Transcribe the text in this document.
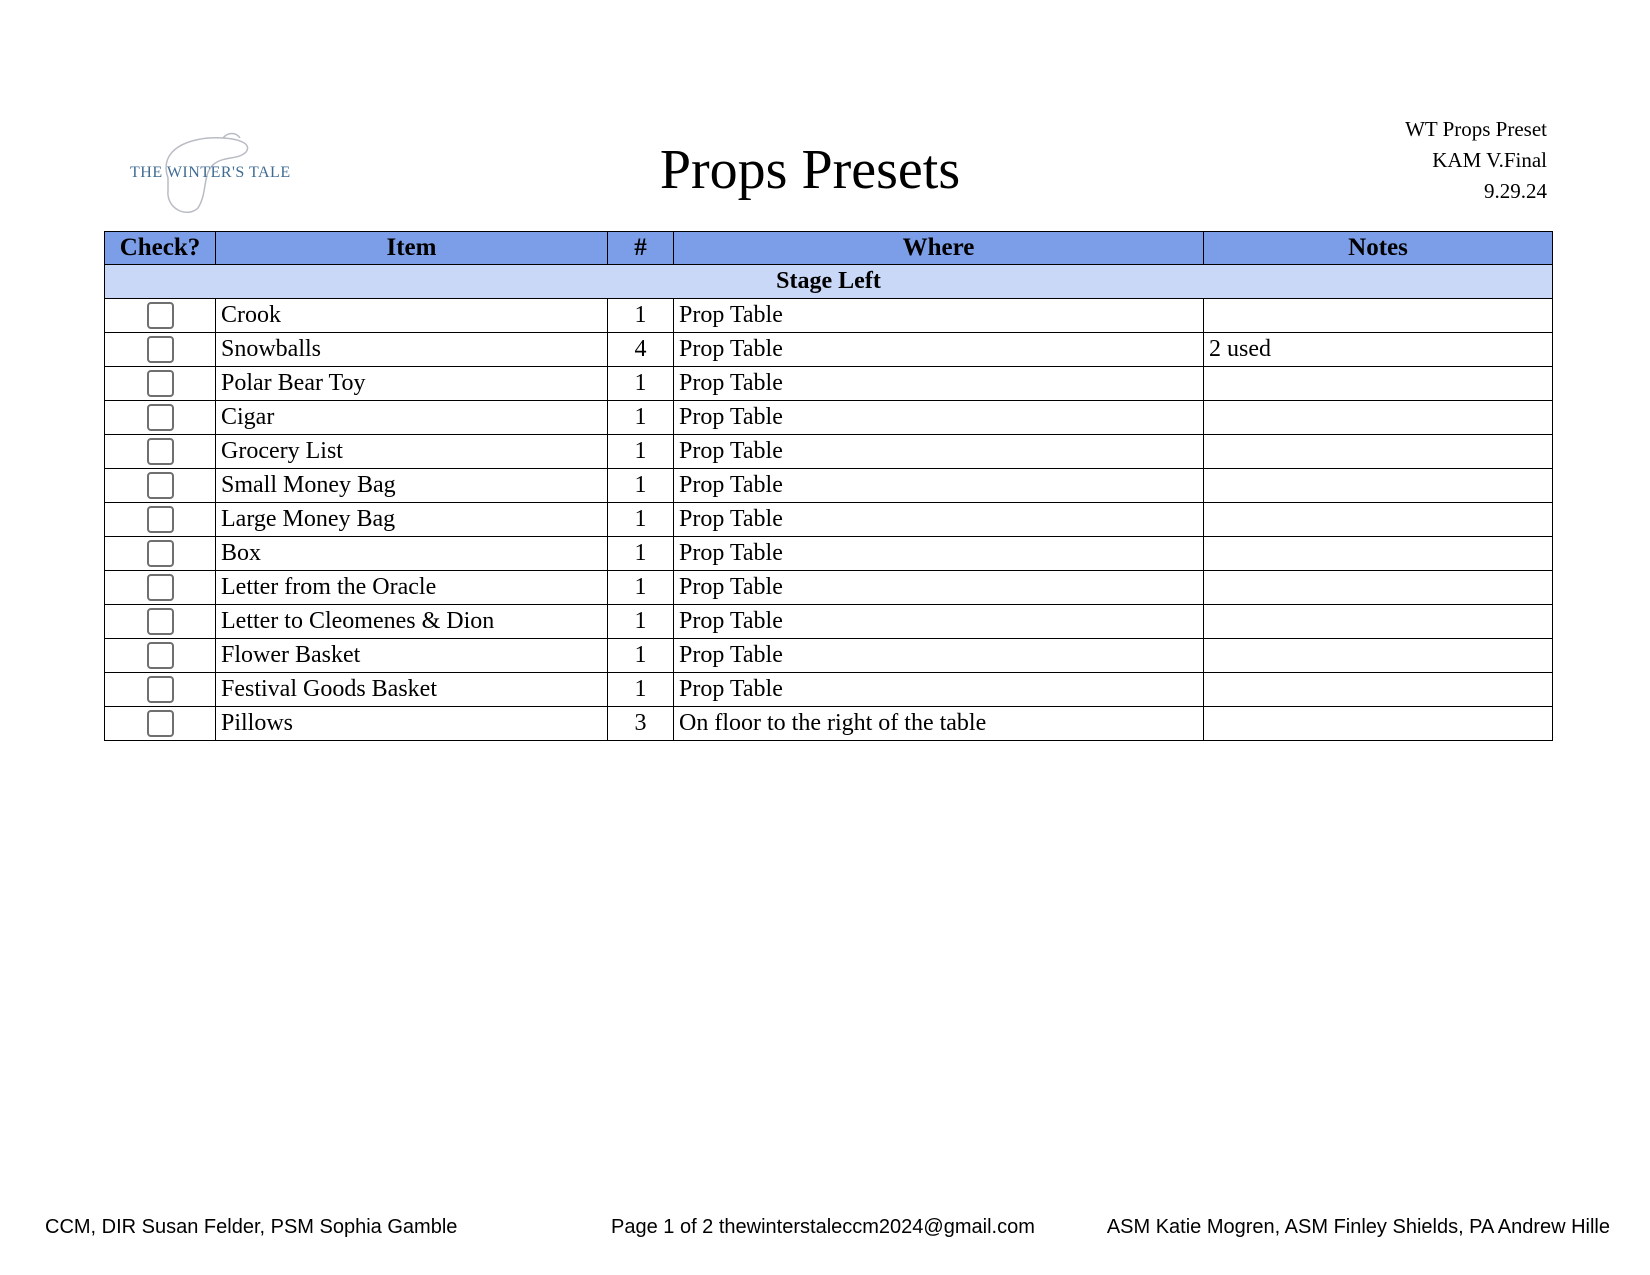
THE WINTER'S TALE	Props Presets
WT Props Preset
KAM V.Final
9.29.24
Check?	Item	#	Where	Notes
Stage Left				
	Crook	1	Prop Table	
	Snowballs	4	Prop Table	2 used
	Polar Bear Toy	1	Prop Table	
	Cigar	1	Prop Table	
	Grocery List	1	Prop Table	
	Small Money Bag	1	Prop Table	
	Large Money Bag	1	Prop Table	
	Box	1	Prop Table	
	Letter from the Oracle	1	Prop Table	
	Letter to Cleomenes & Dion	1	Prop Table	
	Flower Basket	1	Prop Table	
	Festival Goods Basket	1	Prop Table	
	Pillows	3	On floor to the right of the table	
CCM, DIR Susan Felder, PSM Sophia Gamble	Page 1 of 2 thewinterstaleccm2024@gmail.com	ASM Katie Mogren, ASM Finley Shields, PA Andrew Hille
